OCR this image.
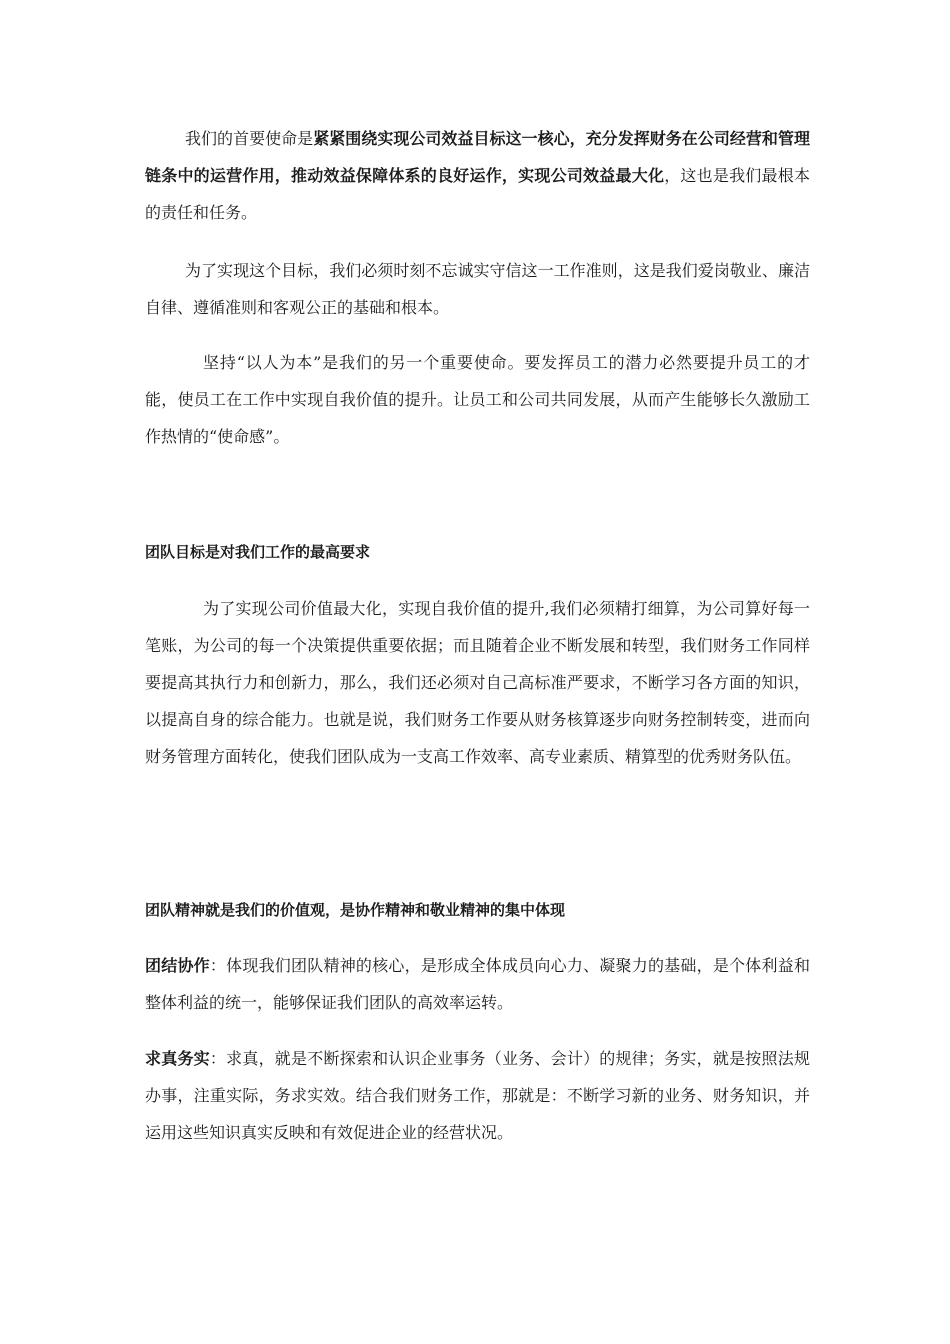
我们的首要使命是紧紧围绕实现公司效益目标这一核心，充分发挥财务在公司经营和管理链条中的运营作用，推动效益保障体系的良好运作，实现公司效益最大化，这也是我们最根本的责任和任务。

为了实现这个目标，我们必须时刻不忘诚实守信这一工作准则，这是我们爱岗敬业、廉洁自律、遵循准则和客观公正的基础和根本。

坚持“以人为本”是我们的另一个重要使命。要发挥员工的潜力必然要提升员工的才能，使员工在工作中实现自我价值的提升。让员工和公司共同发展，从而产生能够长久激励工作热情的“使命感”。

团队目标是对我们工作的最高要求

为了实现公司价值最大化，实现自我价值的提升,我们必须精打细算，为公司算好每一笔账，为公司的每一个决策提供重要依据；而且随着企业不断发展和转型，我们财务工作同样要提高其执行力和创新力，那么，我们还必须对自己高标准严要求，不断学习各方面的知识，以提高自身的综合能力。也就是说，我们财务工作要从财务核算逐步向财务控制转变，进而向财务管理方面转化，使我们团队成为一支高工作效率、高专业素质、精算型的优秀财务队伍。

团队精神就是我们的价值观，是协作精神和敬业精神的集中体现

团结协作：体现我们团队精神的核心，是形成全体成员向心力、凝聚力的基础，是个体利益和整体利益的统一，能够保证我们团队的高效率运转。

求真务实：求真，就是不断探索和认识企业事务（业务、会计）的规律；务实，就是按照法规办事，注重实际，务求实效。结合我们财务工作，那就是：不断学习新的业务、财务知识，并运用这些知识真实反映和有效促进企业的经营状况。
